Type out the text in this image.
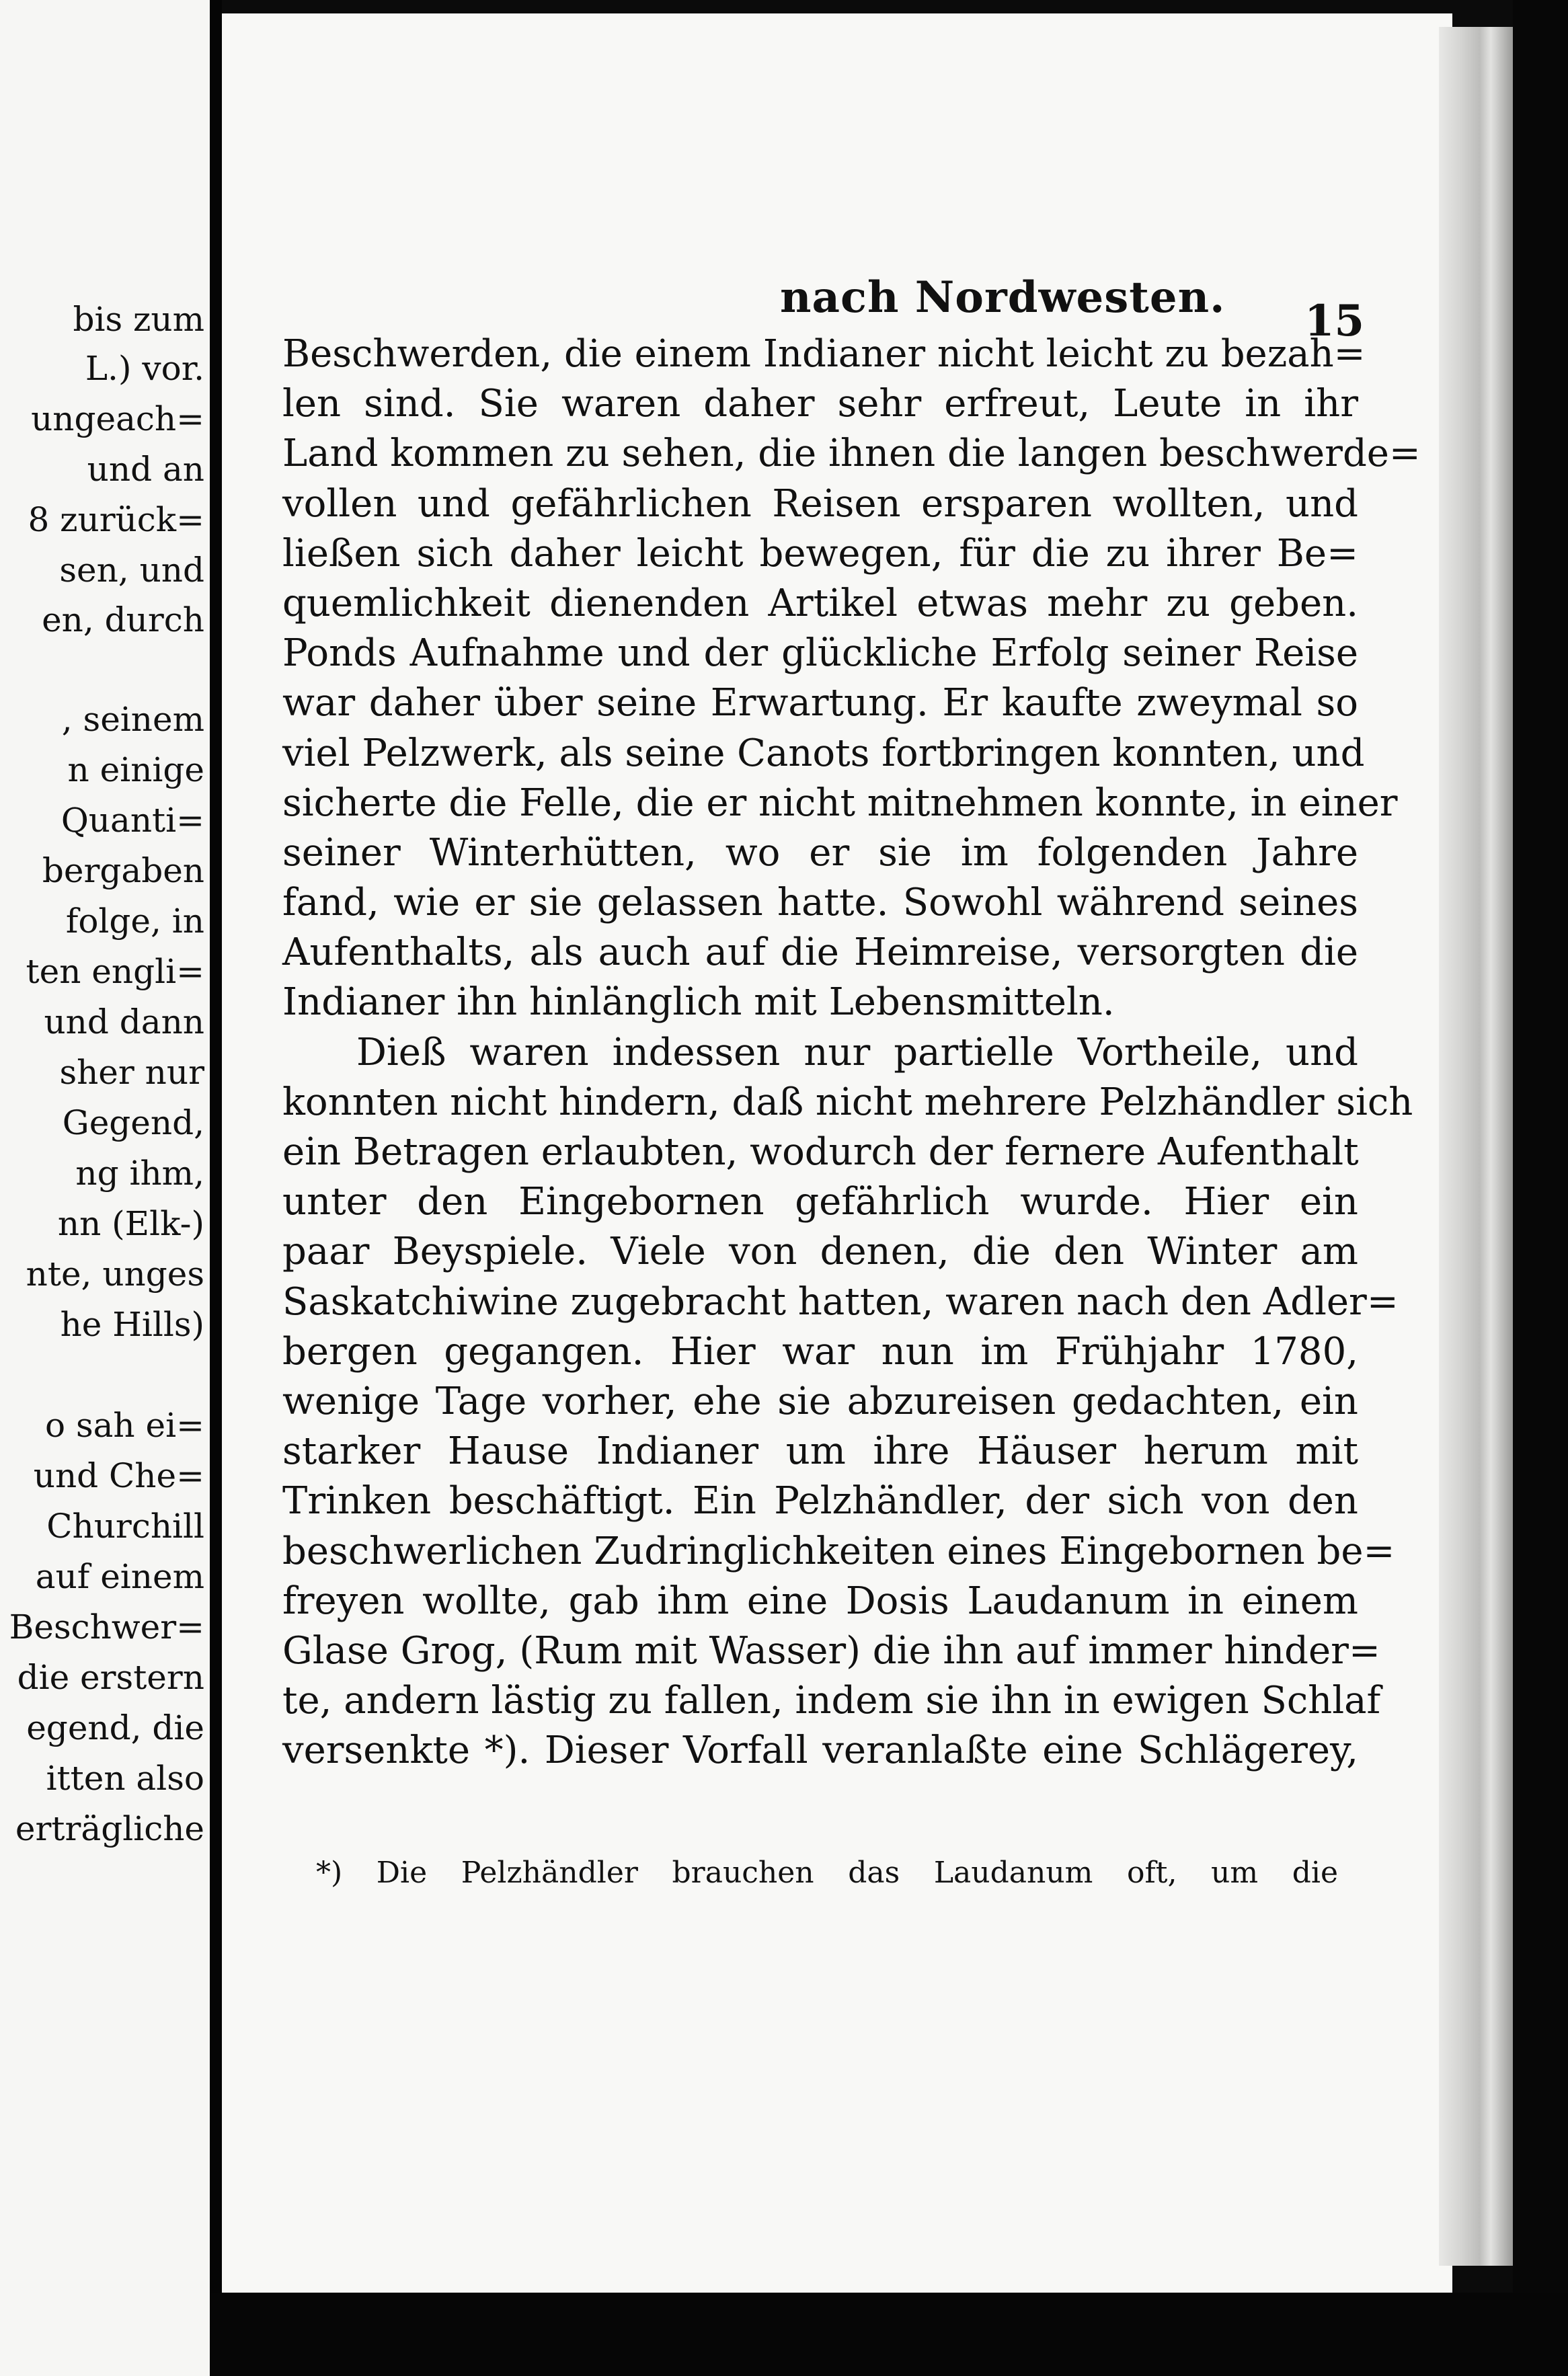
bis zum
L.) vor.
ungeach=
und an
8 zurück=
sen, und
en, durch
, seinem
n einige
Quanti=
bergaben
folge, in
ten engli=
und dann
sher nur
Gegend,
ng ihm,
nn (Elk-)
nte, unges
he Hills)
o sah ei=
und Che=
Churchill
auf einem
Beschwer=
die erstern
egend, die
itten also
erträgliche
nach Nordwesten. 15
Beschwerden, die einem Indianer nicht leicht zu bezah=
len sind. Sie waren daher sehr erfreut, Leute in ihr
Land kommen zu sehen, die ihnen die langen beschwerde=
vollen und gefährlichen Reisen ersparen wollten, und
ließen sich daher leicht bewegen, für die zu ihrer Be=
quemlichkeit dienenden Artikel etwas mehr zu geben.
Ponds Aufnahme und der glückliche Erfolg seiner Reise
war daher über seine Erwartung. Er kaufte zweymal so
viel Pelzwerk, als seine Canots fortbringen konnten, und
sicherte die Felle, die er nicht mitnehmen konnte, in einer
seiner Winterhütten, wo er sie im folgenden Jahre
fand, wie er sie gelassen hatte. Sowohl während seines
Aufenthalts, als auch auf die Heimreise, versorgten die
Indianer ihn hinlänglich mit Lebensmitteln.
Dieß waren indessen nur partielle Vortheile, und
konnten nicht hindern, daß nicht mehrere Pelzhändler sich
ein Betragen erlaubten, wodurch der fernere Aufenthalt
unter den Eingebornen gefährlich wurde. Hier ein
paar Beyspiele. Viele von denen, die den Winter am
Saskatchiwine zugebracht hatten, waren nach den Adler=
bergen gegangen. Hier war nun im Frühjahr 1780,
wenige Tage vorher, ehe sie abzureisen gedachten, ein
starker Hause Indianer um ihre Häuser herum mit
Trinken beschäftigt. Ein Pelzhändler, der sich von den
beschwerlichen Zudringlichkeiten eines Eingebornen be=
freyen wollte, gab ihm eine Dosis Laudanum in einem
Glase Grog, (Rum mit Wasser) die ihn auf immer hinder=
te, andern lästig zu fallen, indem sie ihn in ewigen Schlaf
versenkte *). Dieser Vorfall veranlaßte eine Schlägerey,
*) Die Pelzhändler brauchen das Laudanum oft, um die
